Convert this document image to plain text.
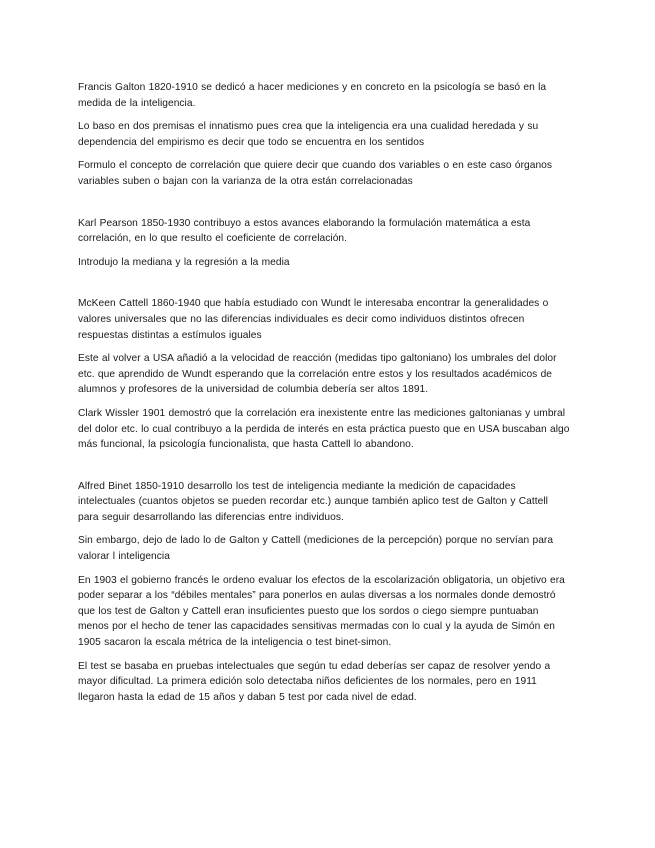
Francis Galton 1820-1910 se dedicó a hacer mediciones y en concreto en la psicología se basó en la medida de la inteligencia.

Lo baso en dos premisas el innatismo pues crea que la inteligencia era una cualidad heredada y su dependencia del empirismo es decir que todo se encuentra en los sentidos

Formulo el concepto de correlación que quiere decir que cuando dos variables o en este caso órganos variables suben o bajan con la varianza de la otra están correlacionadas

Karl Pearson 1850-1930 contribuyo a estos avances elaborando la formulación matemática a esta correlación, en lo que resulto el coeficiente de correlación.

Introdujo la mediana y la regresión a la media

McKeen Cattell 1860-1940 que había estudiado con Wundt le interesaba encontrar la generalidades o valores universales que no las diferencias individuales es decir como individuos distintos ofrecen respuestas distintas a estímulos iguales

Este al volver a USA añadió a la velocidad de reacción (medidas tipo galtoniano) los umbrales del dolor etc. que aprendido de Wundt esperando que la correlación entre estos y los resultados académicos de alumnos y profesores de la universidad de columbia debería ser altos 1891.

Clark Wissler 1901 demostró que la correlación era inexistente entre las mediciones galtonianas y umbral del dolor etc. lo cual contribuyo a la perdida de interés en esta práctica puesto que en USA buscaban algo más funcional, la psicología funcionalista, que hasta Cattell lo abandono.

Alfred Binet 1850-1910 desarrollo los test de inteligencia mediante la medición de capacidades intelectuales (cuantos objetos se pueden recordar etc.) aunque también aplico test de Galton y Cattell para seguir desarrollando las diferencias entre individuos.

Sin embargo, dejo de lado lo de Galton y Cattell (mediciones de la percepción) porque no servían para valorar l inteligencia

En 1903 el gobierno francés le ordeno evaluar los efectos de la escolarización obligatoria, un objetivo era poder separar a los “débiles mentales” para ponerlos en aulas diversas a los normales donde demostró que los test de Galton y Cattell eran insuficientes puesto que los sordos o ciego siempre puntuaban menos por el hecho de tener las capacidades sensitivas mermadas con lo cual y la ayuda de Simón en 1905 sacaron la escala métrica de la inteligencia o test binet-simon.

El test se basaba en pruebas intelectuales que según tu edad deberías ser capaz de resolver yendo a mayor dificultad. La primera edición solo detectaba niños deficientes de los normales, pero en 1911 llegaron hasta la edad de 15 años y daban 5 test por cada nivel de edad.
